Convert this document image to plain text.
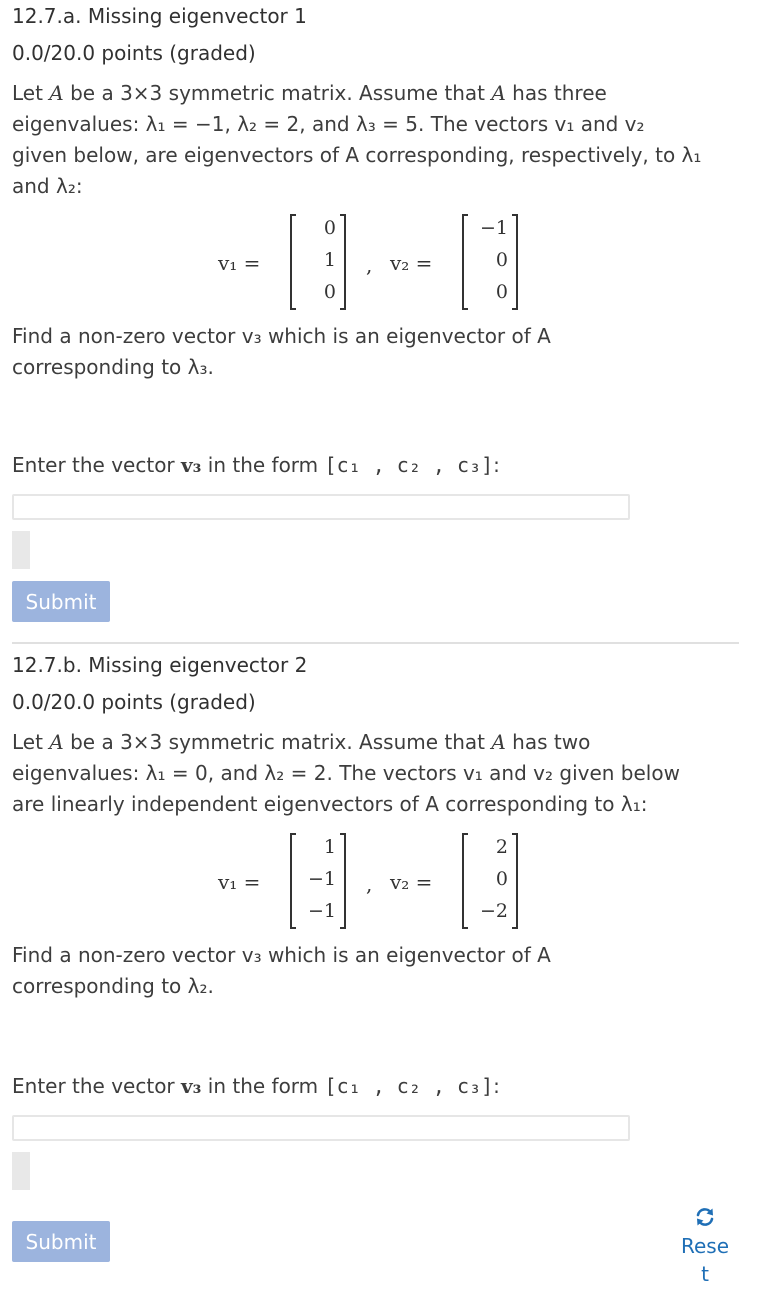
12.7.a. Missing eigenvector 1
0.0/20.0 points (graded)
Let A be a 3×3 symmetric matrix. Assume that A has three
eigenvalues: λ₁ = −1, λ₂ = 2, and λ₃ = 5. The vectors v₁ and v₂
given below, are eigenvectors of A corresponding, respectively, to λ₁
and λ₂:
v₁ =
0
1
0
, v₂ =
−1
0
0
Find a non-zero vector v₃ which is an eigenvector of A
corresponding to λ₃.
Enter the vector v₃ in the form [c₁ , c₂ , c₃]:
Submit
12.7.b. Missing eigenvector 2
0.0/20.0 points (graded)
Let A be a 3×3 symmetric matrix. Assume that A has two
eigenvalues: λ₁ = 0, and λ₂ = 2. The vectors v₁ and v₂ given below
are linearly independent eigenvectors of A corresponding to λ₁:
v₁ =
1
−1
−1
, v₂ =
2
0
−2
Find a non-zero vector v₃ which is an eigenvector of A
corresponding to λ₂.
Enter the vector v₃ in the form [c₁ , c₂ , c₃]:
Submit	Rese
t
